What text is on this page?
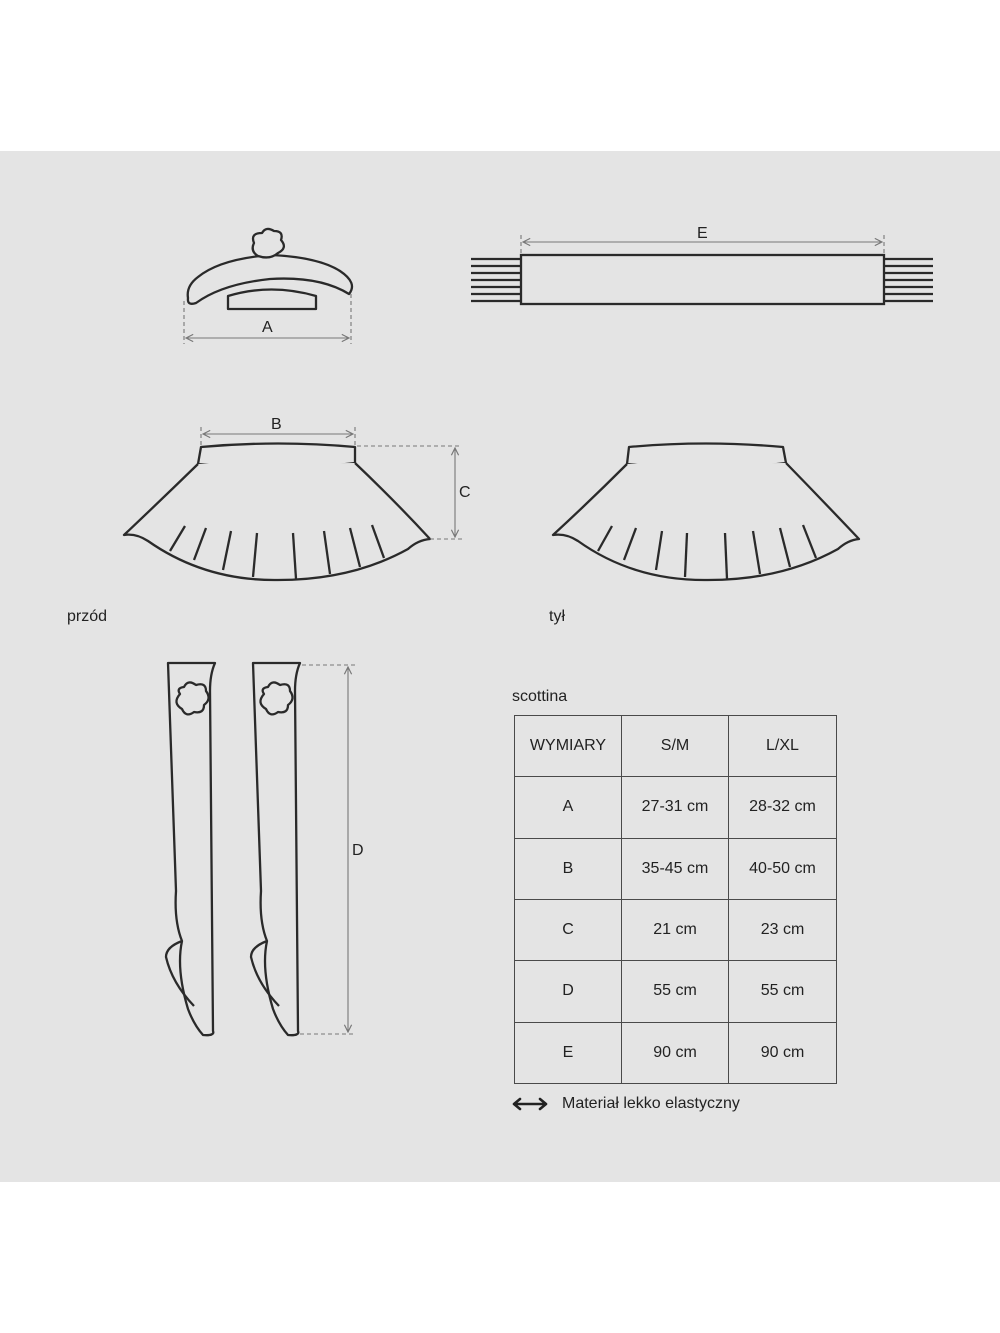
A
E
B
C
D
przód	tył
scottina
WYMIARY	S/M	L/XL
A	27-31 cm	28-32 cm
B	35-45 cm	40-50 cm
C	21 cm	23 cm
D	55 cm	55 cm
E	90 cm	90 cm
Materiał lekko elastyczny
